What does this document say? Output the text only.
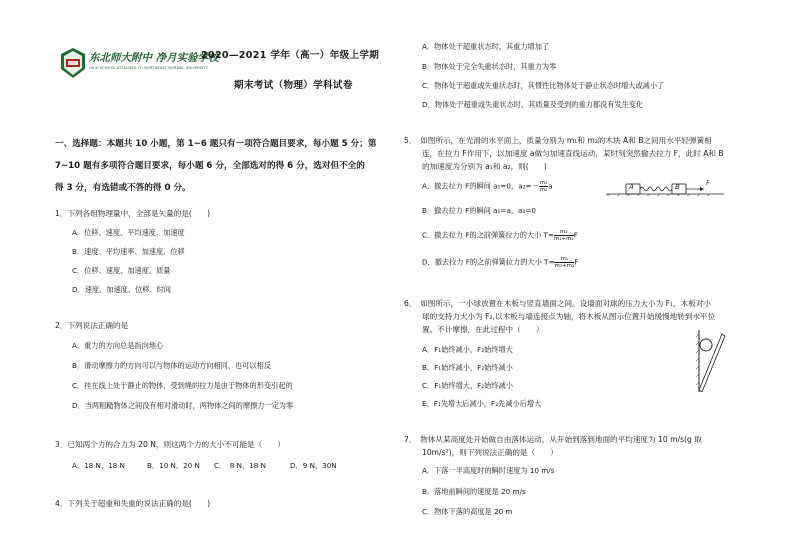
东北师大附中 净月实验学校
HIGH SCHOOL ATTACHED TO NORTHEAST NORMAL UNIVERSITY
2020—2021 学年（高一）年级上学期
期末考试（物理）学科试卷
一、选择题：本题共 10 小题，第 1~6 题只有一项符合题目要求，每小题 5 分；第
7~10 题有多项符合题目要求，每小题 6 分，全部选对的得 6 分，选对但不全的
得 3 分，有选错或不答的得 0 分。
1．下列各组物理量中，全部是矢量的是(　　)
A．位移、速度、平均速度、加速度
B．速度、平均速率、加速度、位移
C．位移、速度、加速度、质量
D．速度、加速度、位移、时间
2．下列说法正确的是
A．重力的方向总是指向地心
B．滑动摩擦力的方向可以与物体的运动方向相同，也可以相反
C．挂在线上处于静止的物体，受到绳的拉力是由于物体的形变引起的
D．当两粗糙物体之间没有相对滑动时，两物体之间的摩擦力一定为零
3．已知两个力的合力为 20 N，则这两个力的大小不可能是（　　）
A．18 N、18 N	B．10 N、20 N C．　8 N、18 N	D．9 N、30N
4．下列关于超重和失重的说法正确的是(　　)
A．物体处于超重状态时，其重力增加了
B．物体处于完全失重状态时，其重力为零
C．物体处于超重或失重状态时，其惯性比物体处于静止状态时增大或减小了
D．物体处于超重或失重状态时，其质量及受到的重力都没有发生变化
5．　如图所示，在光滑的水平面上，质量分别为 m₁和 m₂的木块 A和 B之间用水平轻弹簧相
连，在拉力 F作用下，以加速度 a做匀加速直线运动，某时刻突然撤去拉力 F，此时 A和 B
的加速度为分别为 a₁和 a₂，则(　　)
A．撤去拉力 F的瞬间 a₁=0，$a_2=- \frac{\text{m₁}}{\text{m₂}}a$
B．撤去拉力 F的瞬间 a₁=a，a₂=0
C．撤去拉力 F的之前弹簧拉力的大小 $T= \frac{\text{m₂}}{\text{m₁+m₂}}F$
D．撤去拉力 F的之前弹簧拉力的大小 $T= \frac{\text{m₁}}{\text{m₁+m₂}}F$
A	B	F
6．　如图所示，一小球放置在木板与竖直墙面之间。设墙面对球的压力大小为 F₁，木板对小
球的支持力大小为 F₂,以木板与墙连接点为轴，将木板从图示位置开始缓慢地转到水平位
置。不计摩擦，在此过程中（　　）
A．F₁始终减小，F₂始终增大
B．F₁始终减小，F₂始终减小
C．F₁始终增大，F₂始终减小
E．F₁先增大后减小，F₂先减小后增大
7．　物体从某高度处开始做自由落体运动，从开始到落到地面的平均速度为 10 m/s(g 取
10m/s²)，则下列说法正确的是（　　）
A．下落一半高度时的瞬时速度为 10 m/s
B．落地前瞬间的速度是 20 m/s
C．物体下落的高度是 20 m
